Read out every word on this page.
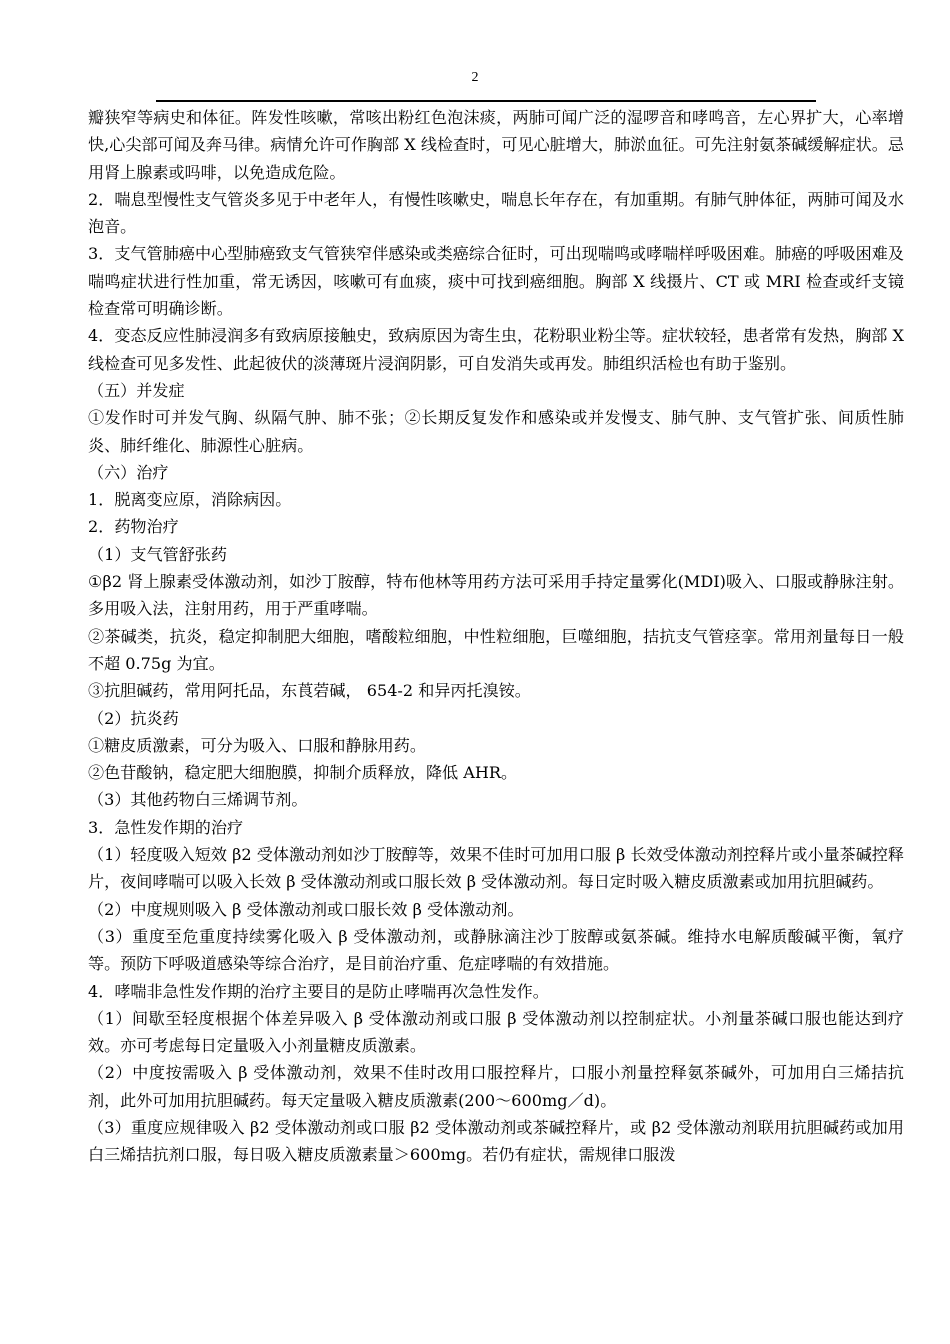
2

瓣狭窄等病史和体征。阵发性咳嗽，常咳出粉红色泡沫痰，两肺可闻广泛的湿啰音和哮鸣音，左心界扩大，心率增快,心尖部可闻及奔马律。病情允许可作胸部 X 线检查时，可见心脏增大，肺淤血征。可先注射氨茶碱缓解症状。忌用肾上腺素或吗啡，以免造成危险。

2．喘息型慢性支气管炎多见于中老年人，有慢性咳嗽史，喘息长年存在，有加重期。有肺气肿体征，两肺可闻及水泡音。

3．支气管肺癌中心型肺癌致支气管狭窄伴感染或类癌综合征时，可出现喘鸣或哮喘样呼吸困难。肺癌的呼吸困难及喘鸣症状进行性加重，常无诱因，咳嗽可有血痰，痰中可找到癌细胞。胸部 X 线摄片、CT 或 MRI 检查或纤支镜检查常可明确诊断。

4．变态反应性肺浸润多有致病原接触史，致病原因为寄生虫，花粉职业粉尘等。症状较轻，患者常有发热，胸部 X 线检查可见多发性、此起彼伏的淡薄斑片浸润阴影，可自发消失或再发。肺组织活检也有助于鉴别。

（五）并发症

①发作时可并发气胸、纵隔气肿、肺不张；②长期反复发作和感染或并发慢支、肺气肿、支气管扩张、间质性肺炎、肺纤维化、肺源性心脏病。

（六）治疗

1．脱离变应原，消除病因。

2．药物治疗

（1）支气管舒张药

①β2 肾上腺素受体激动剂，如沙丁胺醇，特布他林等用药方法可采用手持定量雾化(MDI)吸入、口服或静脉注射。多用吸入法，注射用药，用于严重哮喘。

②茶碱类，抗炎，稳定抑制肥大细胞，嗜酸粒细胞，中性粒细胞，巨噬细胞，拮抗支气管痉挛。常用剂量每日一般不超 0.75g 为宜。

③抗胆碱药，常用阿托品，东莨菪碱， 654-2 和异丙托溴铵。

（2）抗炎药

①糖皮质激素，可分为吸入、口服和静脉用药。

②色苷酸钠，稳定肥大细胞膜，抑制介质释放，降低 AHR。

（3）其他药物白三烯调节剂。

3．急性发作期的治疗

（1）轻度吸入短效 β2 受体激动剂如沙丁胺醇等，效果不佳时可加用口服 β 长效受体激动剂控释片或小量茶碱控释片，夜间哮喘可以吸入长效 β 受体激动剂或口服长效 β 受体激动剂。每日定时吸入糖皮质激素或加用抗胆碱药。

（2）中度规则吸入 β 受体激动剂或口服长效 β 受体激动剂。

（3）重度至危重度持续雾化吸入 β 受体激动剂，或静脉滴注沙丁胺醇或氨茶碱。维持水电解质酸碱平衡，氧疗等。预防下呼吸道感染等综合治疗，是目前治疗重、危症哮喘的有效措施。

4．哮喘非急性发作期的治疗主要目的是防止哮喘再次急性发作。

（1）间歇至轻度根据个体差异吸入 β 受体激动剂或口服 β 受体激动剂以控制症状。小剂量茶碱口服也能达到疗效。亦可考虑每日定量吸入小剂量糖皮质激素。

（2）中度按需吸入 β 受体激动剂，效果不佳时改用口服控释片，口服小剂量控释氨茶碱外，可加用白三烯拮抗剂，此外可加用抗胆碱药。每天定量吸入糖皮质激素(200～600mg／d)。

（3）重度应规律吸入 β2 受体激动剂或口服 β2 受体激动剂或茶碱控释片，或 β2 受体激动剂联用抗胆碱药或加用白三烯拮抗剂口服，每日吸入糖皮质激素量＞600mg。若仍有症状，需规律口服泼
